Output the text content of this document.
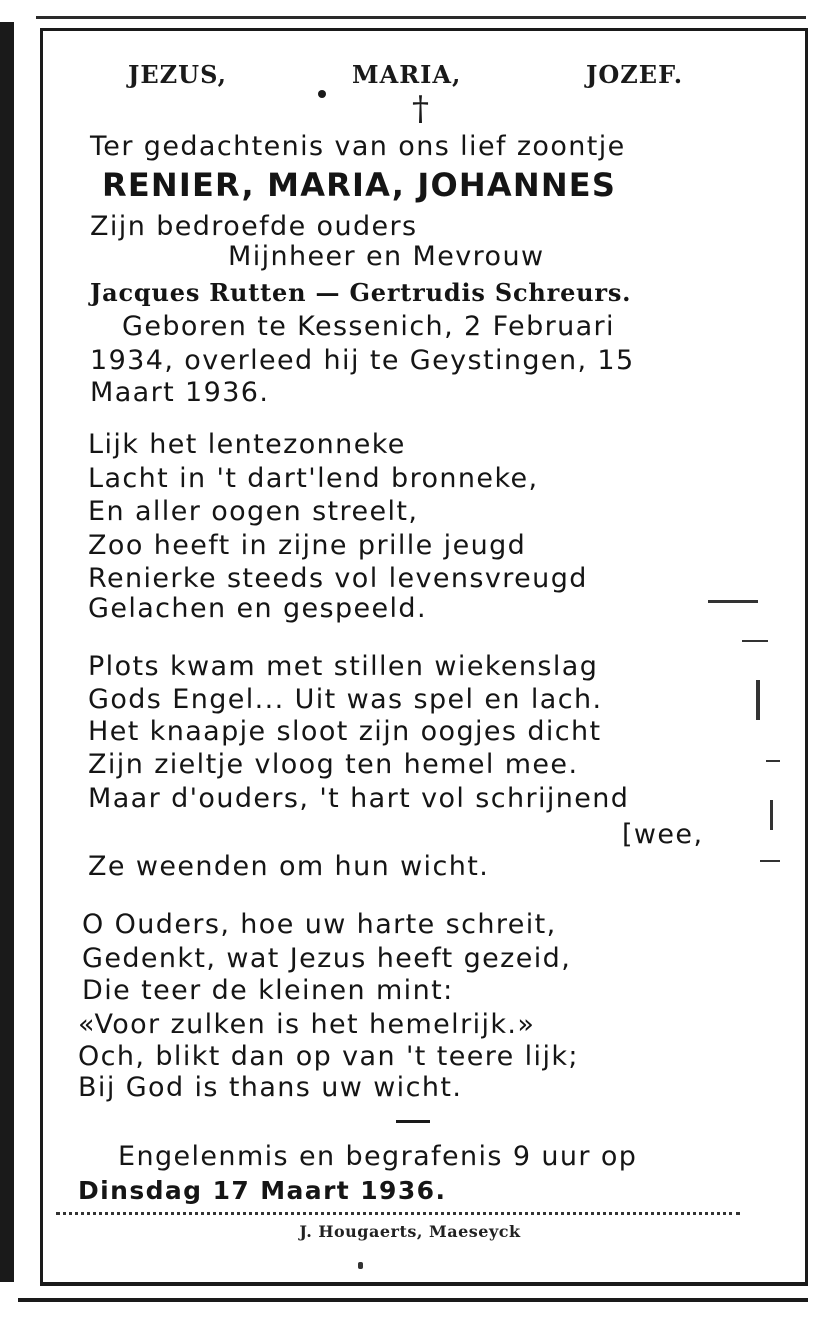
JEZUS,	MARIA,	JOZEF.
†
Ter gedachtenis van ons lief zoontje
RENIER, MARIA, JOHANNES
Zijn bedroefde ouders
Mijnheer en Mevrouw
Jacques Rutten — Gertrudis Schreurs.
Geboren te Kessenich, 2 Februari
1934, overleed hij te Geystingen, 15
Maart 1936.
Lijk het lentezonneke
Lacht in 't dart'lend bronneke,
En aller oogen streelt,
Zoo heeft in zijne prille jeugd
Renierke steeds vol levensvreugd
Gelachen en gespeeld.
Plots kwam met stillen wiekenslag
Gods Engel... Uit was spel en lach.
Het knaapje sloot zijn oogjes dicht
Zijn zieltje vloog ten hemel mee.
Maar d'ouders, 't hart vol schrijnend
[wee,
Ze weenden om hun wicht.
O Ouders, hoe uw harte schreit,
Gedenkt, wat Jezus heeft gezeid,
Die teer de kleinen mint:
«Voor zulken is het hemelrijk.»
Och, blikt dan op van 't teere lijk;
Bij God is thans uw wicht.
Engelenmis en begrafenis 9 uur op
Dinsdag 17 Maart 1936.
J. Hougaerts, Maeseyck
